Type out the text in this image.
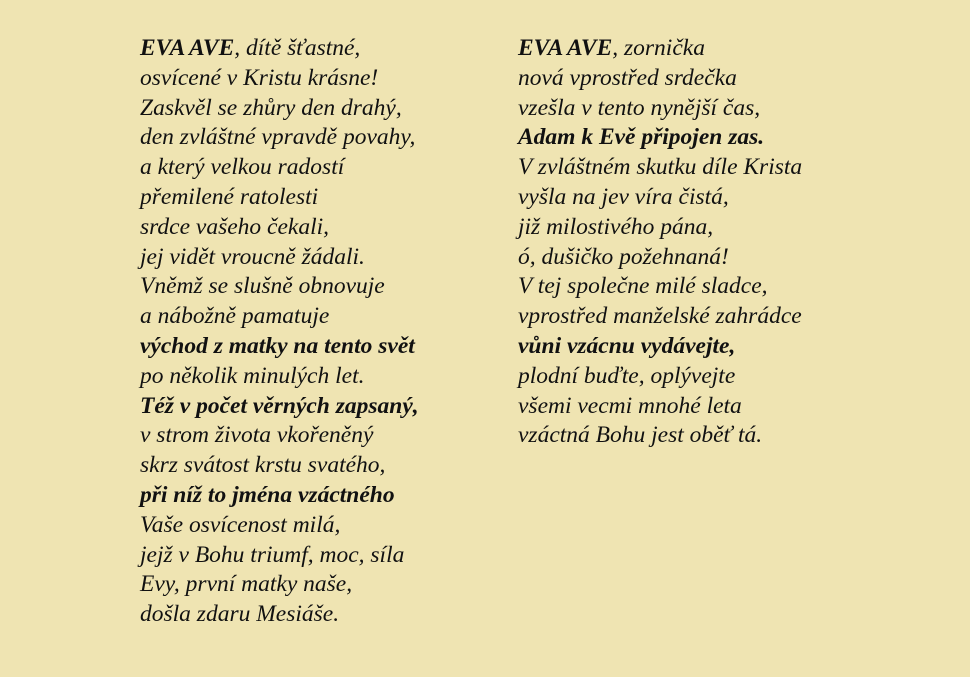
EVA AVE, dítě šťastné,
osvícené v Kristu krásne!
Zaskvěl se zhůry den drahý,
den zvláštné vpravdě povahy,
a který velkou radostí
přemilené ratolesti
srdce vašeho čekali,
jej vidět vroucně žádali.
Vněmž se slušně obnovuje
a nábožně pamatuje
východ z matky na tento svět
po několik minulých let.
Též v počet věrných zapsaný,
v strom života vkořeněný
skrz svátost krstu svatého,
při níž to jména vzáctného
Vaše osvícenost milá,
jejž v Bohu triumf, moc, síla
Evy, první matky naše,
došla zdaru Mesiáše.
EVA AVE, zornička
nová vprostřed srdečka
vzešla v tento nynější čas,
Adam k Evě připojen zas.
V zvláštném skutku díle Krista
vyšla na jev víra čistá,
již milostivého pána,
ó, dušičko požehnaná!
V tej společne milé sladce,
vprostřed manželské zahrádce
vůni vzácnu vydávejte,
plodní buďte, oplývejte
všemi vecmi mnohé leta
vzáctná Bohu jest oběť tá.
